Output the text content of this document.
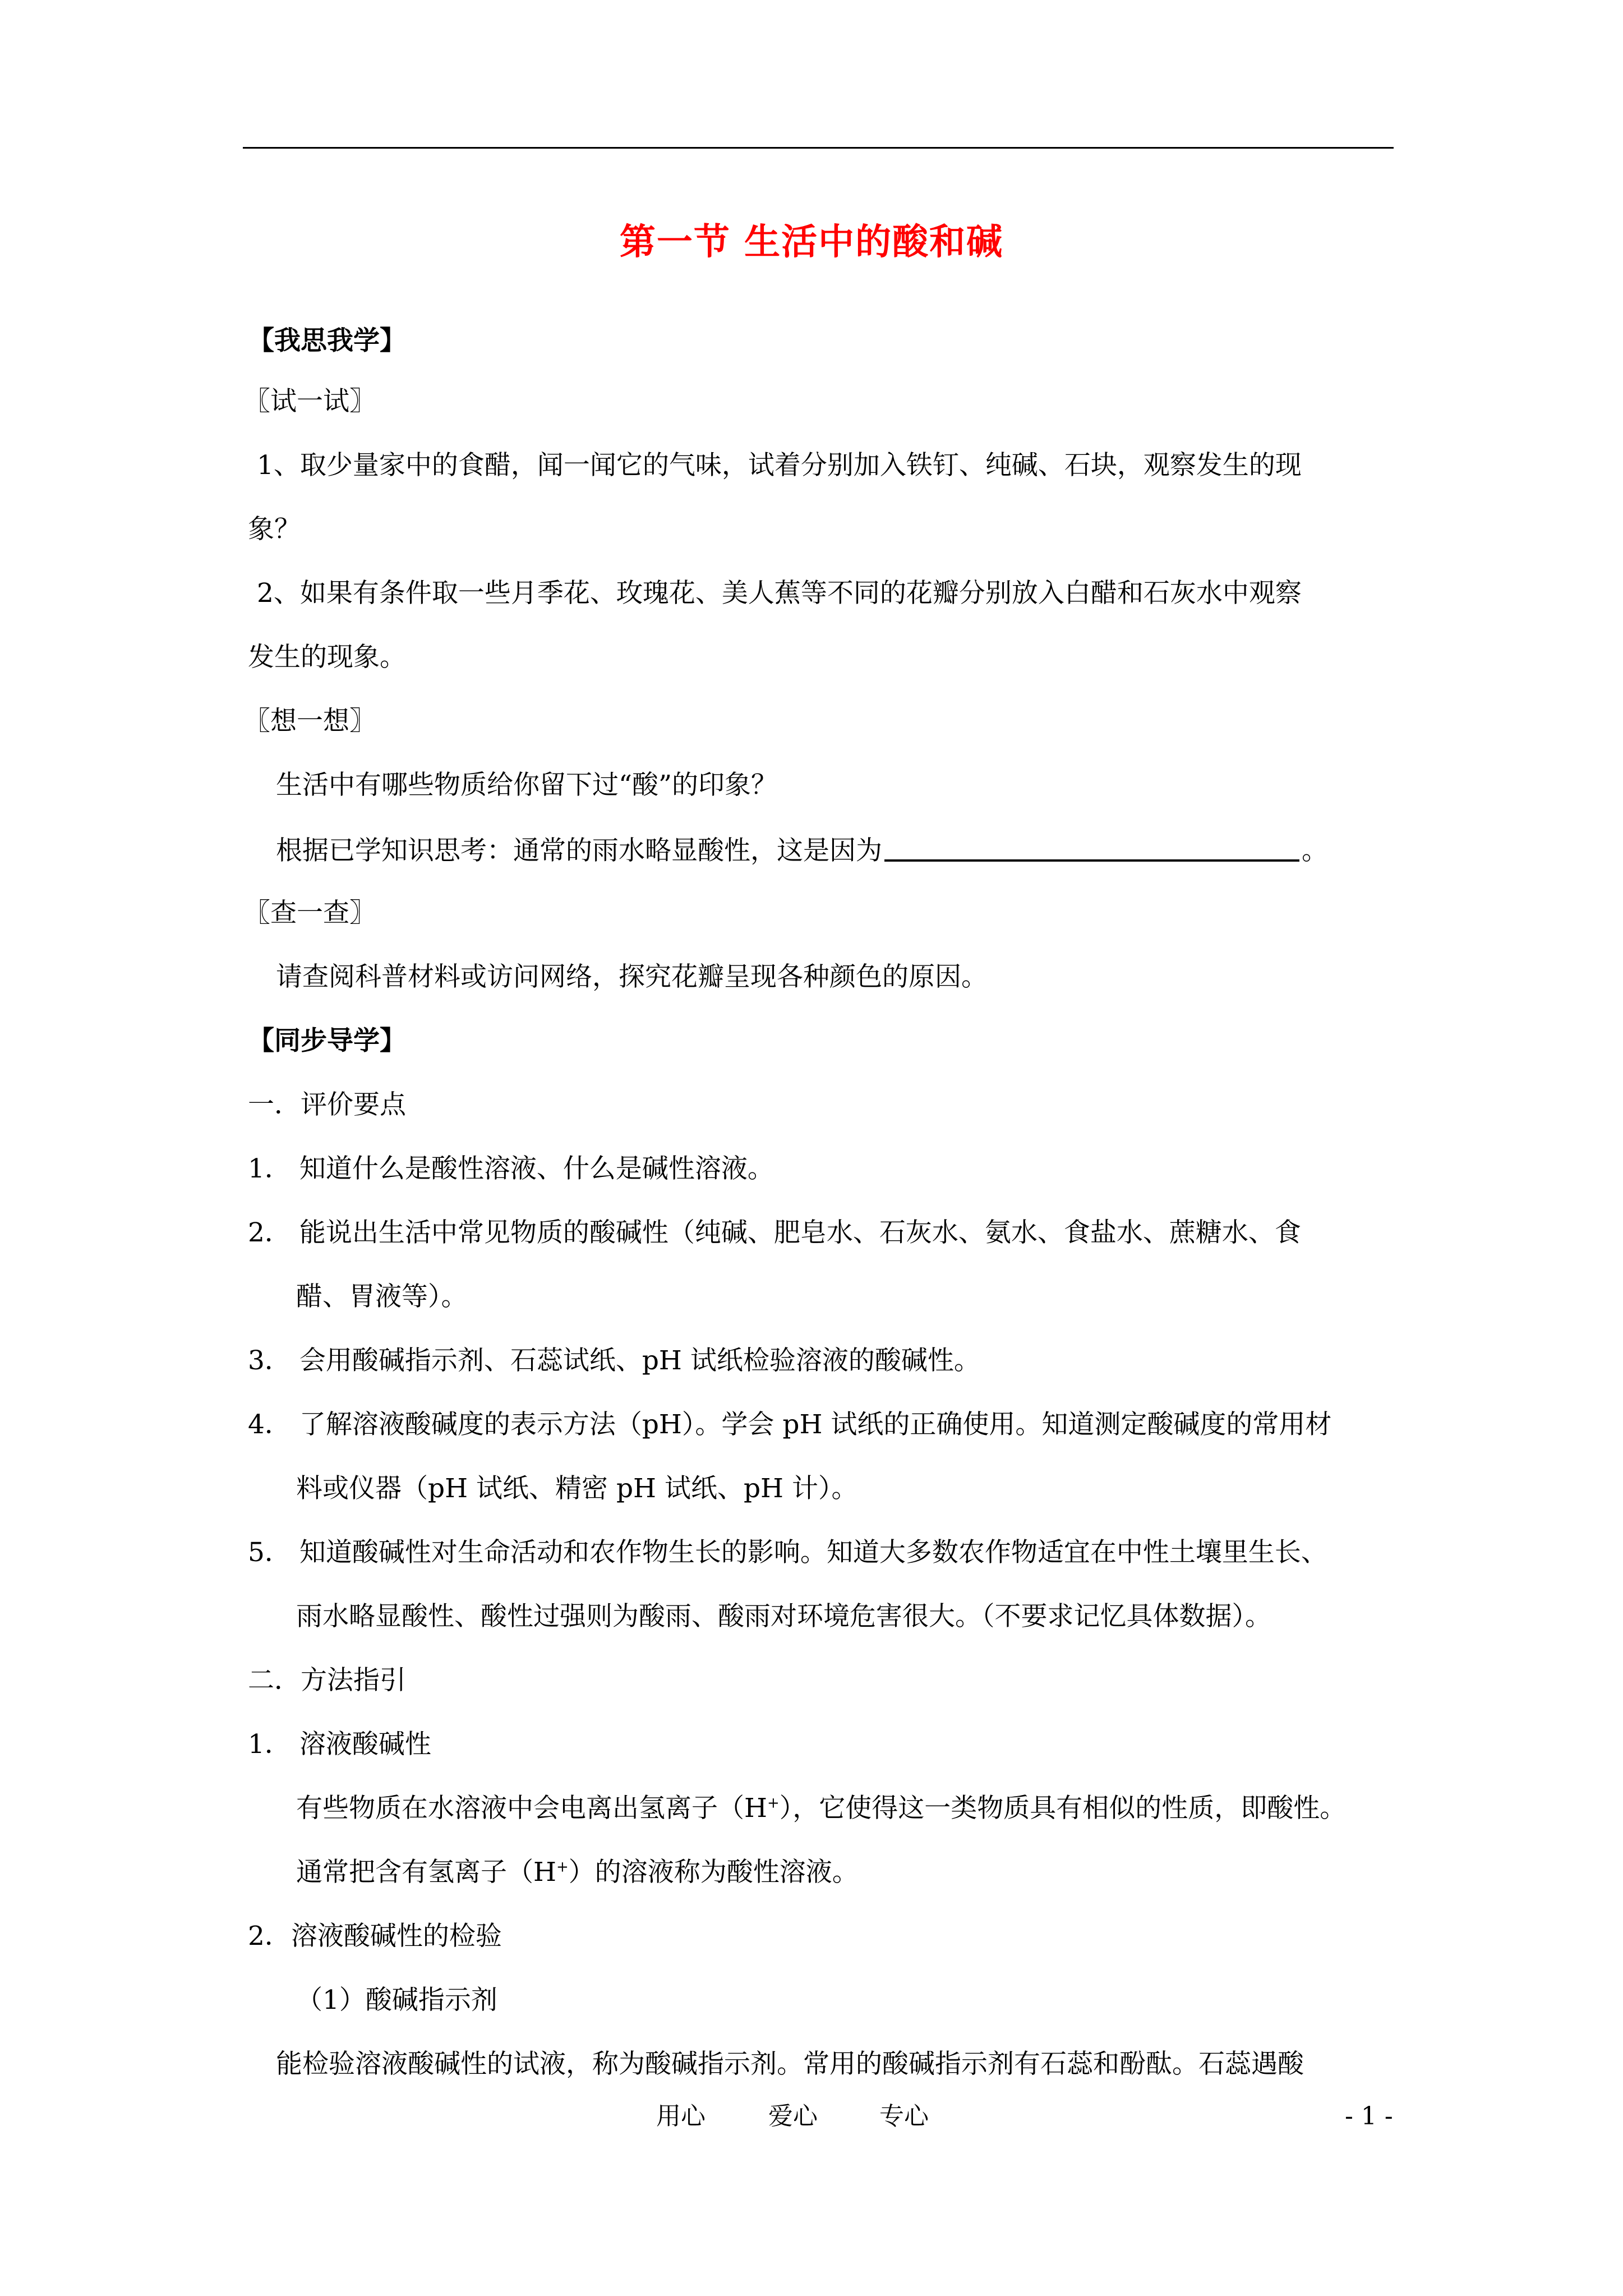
第一节 生活中的酸和碱
【我思我学】
〖试一试〗
1、取少量家中的食醋，闻一闻它的气味，试着分别加入铁钉、纯碱、石块，观察发生的现
象？
2、如果有条件取一些月季花、玫瑰花、美人蕉等不同的花瓣分别放入白醋和石灰水中观察
发生的现象。
〖想一想〗
生活中有哪些物质给你留下过“酸”的印象？
根据已学知识思考：通常的雨水略显酸性，这是因为	。
〖查一查〗
请查阅科普材料或访问网络，探究花瓣呈现各种颜色的原因。
【同步导学】
一．评价要点
1． 知道什么是酸性溶液、什么是碱性溶液。
2． 能说出生活中常见物质的酸碱性（纯碱、肥皂水、石灰水、氨水、食盐水、蔗糖水、食
醋、胃液等）。
3． 会用酸碱指示剂、石蕊试纸、pH 试纸检验溶液的酸碱性。
4． 了解溶液酸碱度的表示方法（pH）。学会 pH 试纸的正确使用。知道测定酸碱度的常用材
料或仪器（pH 试纸、精密 pH 试纸、pH 计）。
5． 知道酸碱性对生命活动和农作物生长的影响。知道大多数农作物适宜在中性土壤里生长、
雨水略显酸性、酸性过强则为酸雨、酸雨对环境危害很大。（不要求记忆具体数据）。
二．方法指引
1． 溶液酸碱性
有些物质在水溶液中会电离出氢离子（H+），它使得这一类物质具有相似的性质，即酸性。
通常把含有氢离子（H+）的溶液称为酸性溶液。
2．溶液酸碱性的检验
（1）酸碱指示剂
能检验溶液酸碱性的试液，称为酸碱指示剂。常用的酸碱指示剂有石蕊和酚酞。石蕊遇酸
用心	爱心	专心	- 1 -
